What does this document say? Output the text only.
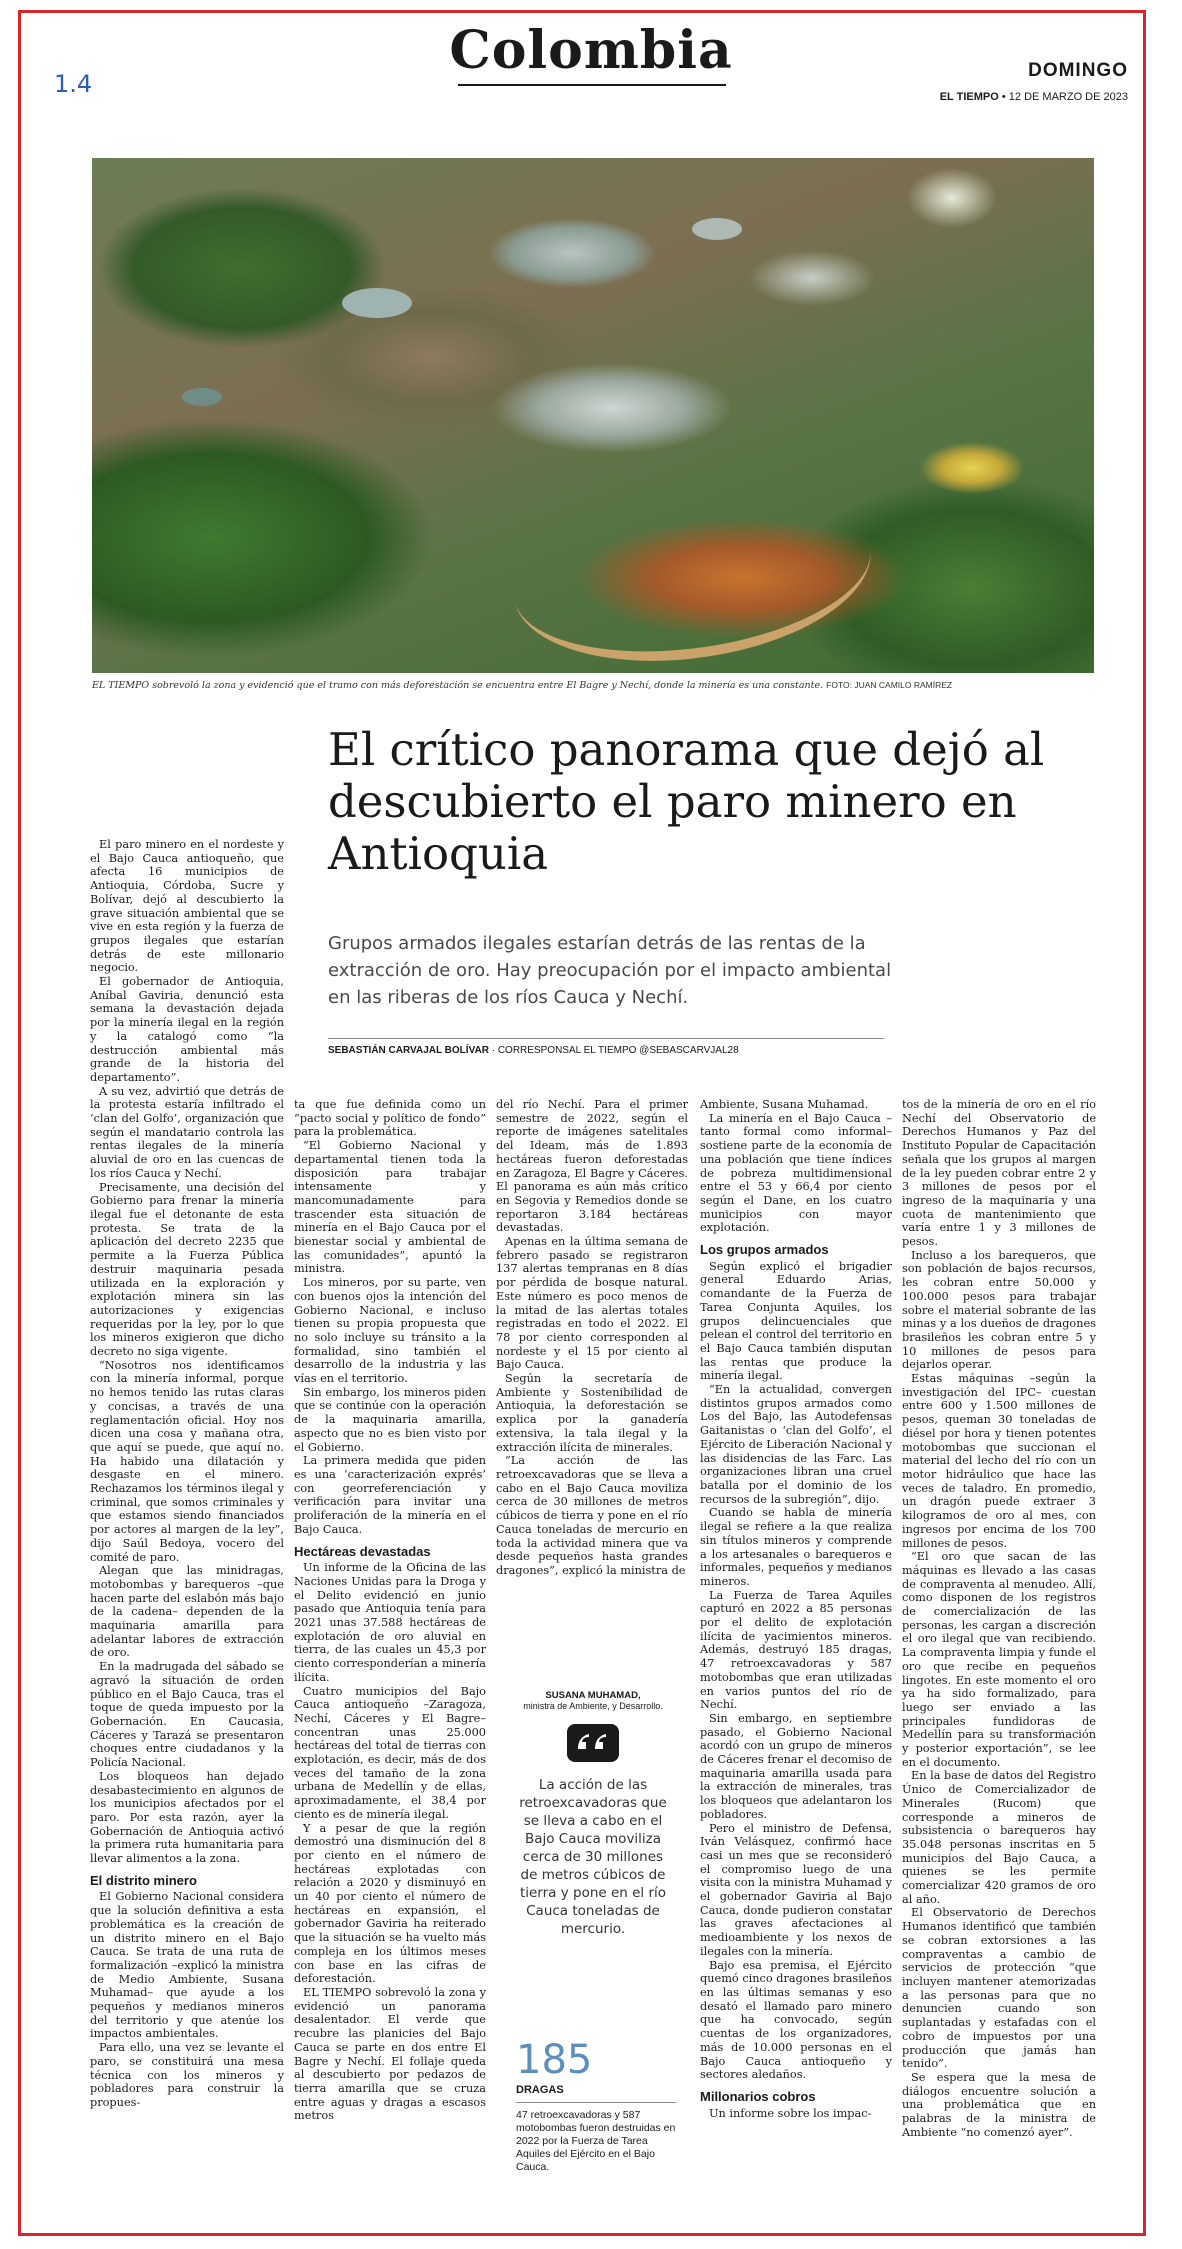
1.4
Colombia	DOMINGO
EL TIEMPO • 12 DE MARZO DE 2023
EL TIEMPO sobrevoló la zona y evidenció que el tramo con más deforestación se encuentra entre El Bagre y Nechí, donde la minería es una constante. FOTO: JUAN CAMILO RAMÍREZ
El crítico panorama que dejó al descubierto el paro minero en Antioquia

Grupos armados ilegales estarían detrás de las rentas de la extracción de oro. Hay preocupación por el impacto ambiental en las riberas de los ríos Cauca y Nechí.

SEBASTIÁN CARVAJAL BOLÍVAR · CORRESPONSAL EL TIEMPO @SEBASCARVJAL28

El paro minero en el nordeste y el Bajo Cauca antioqueño, que afecta 16 municipios de Antioquia, Córdoba, Sucre y Bolívar, dejó al descubierto la grave situación ambiental que se vive en esta región y la fuerza de grupos ilegales que estarían detrás de este millonario negocio.

El gobernador de Antioquia, Aníbal Gaviria, denunció esta semana la devastación dejada por la minería ilegal en la región y la catalogó como “la destrucción ambiental más grande de la historia del departamento”.

A su vez, advirtió que detrás de la protesta estaría infiltrado el ‘clan del Golfo’, organización que según el mandatario controla las rentas ilegales de la minería aluvial de oro en las cuencas de los ríos Cauca y Nechí.

Precisamente, una decisión del Gobierno para frenar la minería ilegal fue el detonante de esta protesta. Se trata de la aplicación del decreto 2235 que permite a la Fuerza Pública destruir maquinaria pesada utilizada en la exploración y explotación minera sin las autorizaciones y exigencias requeridas por la ley, por lo que los mineros exigieron que dicho decreto no siga vigente.

“Nosotros nos identificamos con la minería informal, porque no hemos tenido las rutas claras y concisas, a través de una reglamentación oficial. Hoy nos dicen una cosa y mañana otra, que aquí se puede, que aquí no. Ha habido una dilatación y desgaste en el minero. Rechazamos los términos ilegal y criminal, que somos criminales y que estamos siendo financiados por actores al margen de la ley”, dijo Saúl Bedoya, vocero del comité de paro.

Alegan que las minidragas, motobombas y barequeros –que hacen parte del eslabón más bajo de la cadena– dependen de la maquinaria amarilla para adelantar labores de extracción de oro.

En la madrugada del sábado se agravó la situación de orden público en el Bajo Cauca, tras el toque de queda impuesto por la Gobernación. En Caucasia, Cáceres y Tarazá se presentaron choques entre ciudadanos y la Policía Nacional.

Los bloqueos han dejado desabastecimiento en algunos de los municipios afectados por el paro. Por esta razón, ayer la Gobernación de Antioquia activó la primera ruta humanitaria para llevar alimentos a la zona.

El distrito minero

El Gobierno Nacional considera que la solución definitiva a esta problemática es la creación de un distrito minero en el Bajo Cauca. Se trata de una ruta de formalización –explicó la ministra de Medio Ambiente, Susana Muhamad– que ayude a los pequeños y medianos mineros del territorio y que atenúe los impactos ambientales.

Para ello, una vez se levante el paro, se constituirá una mesa técnica con los mineros y pobladores para construir la propues-

ta que fue definida como un “pacto social y político de fondo” para la problemática.

“El Gobierno Nacional y departamental tienen toda la disposición para trabajar intensamente y mancomunadamente para trascender esta situación de minería en el Bajo Cauca por el bienestar social y ambiental de las comunidades”, apuntó la ministra.

Los mineros, por su parte, ven con buenos ojos la intención del Gobierno Nacional, e incluso tienen su propia propuesta que no solo incluye su tránsito a la formalidad, sino también el desarrollo de la industria y las vías en el territorio.

Sin embargo, los mineros piden que se continúe con la operación de la maquinaria amarilla, aspecto que no es bien visto por el Gobierno.

La primera medida que piden es una ‘caracterización exprés’ con georreferenciación y verificación para invitar una proliferación de la minería en el Bajo Cauca.

Hectáreas devastadas

Un informe de la Oficina de las Naciones Unidas para la Droga y el Delito evidenció en junio pasado que Antioquia tenía para 2021 unas 37.588 hectáreas de explotación de oro aluvial en tierra, de las cuales un 45,3 por ciento corresponderían a minería ilícita.

Cuatro municipios del Bajo Cauca antioqueño –Zaragoza, Nechí, Cáceres y El Bagre– concentran unas 25.000 hectáreas del total de tierras con explotación, es decir, más de dos veces del tamaño de la zona urbana de Medellín y de ellas, aproximadamente, el 38,4 por ciento es de minería ilegal.

Y a pesar de que la región demostró una disminución del 8 por ciento en el número de hectáreas explotadas con relación a 2020 y disminuyó en un 40 por ciento el número de hectáreas en expansión, el gobernador Gaviria ha reiterado que la situación se ha vuelto más compleja en los últimos meses con base en las cifras de deforestación.

EL TIEMPO sobrevoló la zona y evidenció un panorama desalentador. El verde que recubre las planicies del Bajo Cauca se parte en dos entre El Bagre y Nechí. El follaje queda al descubierto por pedazos de tierra amarilla que se cruza entre aguas y dragas a escasos metros

del río Nechí. Para el primer semestre de 2022, según el reporte de imágenes satelitales del Ideam, más de 1.893 hectáreas fueron deforestadas en Zaragoza, El Bagre y Cáceres. El panorama es aún más crítico en Segovia y Remedios donde se reportaron 3.184 hectáreas devastadas.

Apenas en la última semana de febrero pasado se registraron 137 alertas tempranas en 8 días por pérdida de bosque natural. Este número es poco menos de la mitad de las alertas totales registradas en todo el 2022. El 78 por ciento corresponden al nordeste y el 15 por ciento al Bajo Cauca.

Según la secretaría de Ambiente y Sostenibilidad de Antioquia, la deforestación se explica por la ganadería extensiva, la tala ilegal y la extracción ilícita de minerales.

“La acción de las retroexcavadoras que se lleva a cabo en el Bajo Cauca moviliza cerca de 30 millones de metros cúbicos de tierra y pone en el río Cauca toneladas de mercurio en toda la actividad minera que va desde pequeños hasta grandes dragones”, explicó la ministra de

Ambiente, Susana Muhamad.

La minería en el Bajo Cauca –tanto formal como informal– sostiene parte de la economía de una población que tiene índices de pobreza multidimensional entre el 53 y 66,4 por ciento según el Dane, en los cuatro municipios con mayor explotación.

Los grupos armados

Según explicó el brigadier general Eduardo Arias, comandante de la Fuerza de Tarea Conjunta Aquiles, los grupos delincuenciales que pelean el control del territorio en el Bajo Cauca también disputan las rentas que produce la minería ilegal.

“En la actualidad, convergen distintos grupos armados como Los del Bajo, las Autodefensas Gaitanistas o ‘clan del Golfo’, el Ejército de Liberación Nacional y las disidencias de las Farc. Las organizaciones libran una cruel batalla por el dominio de los recursos de la subregión”, dijo.

Cuando se habla de minería ilegal se refiere a la que realiza sin títulos mineros y comprende a los artesanales o barequeros e informales, pequeños y medianos mineros.

La Fuerza de Tarea Aquiles capturó en 2022 a 85 personas por el delito de explotación ilícita de yacimientos mineros. Además, destruyó 185 dragas, 47 retroexcavadoras y 587 motobombas que eran utilizadas en varios puntos del río de Nechí.

Sin embargo, en septiembre pasado, el Gobierno Nacional acordó con un grupo de mineros de Cáceres frenar el decomiso de maquinaria amarilla usada para la extracción de minerales, tras los bloqueos que adelantaron los pobladores.

Pero el ministro de Defensa, Iván Velásquez, confirmó hace casi un mes que se reconsideró el compromiso luego de una visita con la ministra Muhamad y el gobernador Gaviria al Bajo Cauca, donde pudieron constatar las graves afectaciones al medioambiente y los nexos de ilegales con la minería.

Bajo esa premisa, el Ejército quemó cinco dragones brasileños en las últimas semanas y eso desató el llamado paro minero que ha convocado, según cuentas de los organizadores, más de 10.000 personas en el Bajo Cauca antioqueño y sectores aledaños.

Millonarios cobros

Un informe sobre los impac-

tos de la minería de oro en el río Nechí del Observatorio de Derechos Humanos y Paz del Instituto Popular de Capacitación señala que los grupos al margen de la ley pueden cobrar entre 2 y 3 millones de pesos por el ingreso de la maquinaria y una cuota de mantenimiento que varía entre 1 y 3 millones de pesos.

Incluso a los barequeros, que son población de bajos recursos, les cobran entre 50.000 y 100.000 pesos para trabajar sobre el material sobrante de las minas y a los dueños de dragones brasileños les cobran entre 5 y 10 millones de pesos para dejarlos operar.

Estas máquinas –según la investigación del IPC– cuestan entre 600 y 1.500 millones de pesos, queman 30 toneladas de diésel por hora y tienen potentes motobombas que succionan el material del lecho del río con un motor hidráulico que hace las veces de taladro. En promedio, un dragón puede extraer 3 kilogramos de oro al mes, con ingresos por encima de los 700 millones de pesos.

“El oro que sacan de las máquinas es llevado a las casas de compraventa al menudeo. Allí, como disponen de los registros de comercialización de las personas, les cargan a discreción el oro ilegal que van recibiendo. La compraventa limpia y funde el oro que recibe en pequeños lingotes. En este momento el oro ya ha sido formalizado, para luego ser enviado a las principales fundidoras de Medellín para su transformación y posterior exportación”, se lee en el documento.

En la base de datos del Registro Único de Comercializador de Minerales (Rucom) que corresponde a mineros de subsistencia o barequeros hay 35.048 personas inscritas en 5 municipios del Bajo Cauca, a quienes se les permite comercializar 420 gramos de oro al año.

El Observatorio de Derechos Humanos identificó que también se cobran extorsiones a las compraventas a cambio de servicios de protección “que incluyen mantener atemorizadas a las personas para que no denuncien cuando son suplantadas y estafadas con el cobro de impuestos por una producción que jamás han tenido”.

Se espera que la mesa de diálogos encuentre solución a una problemática que en palabras de la ministra de Ambiente “no comenzó ayer”.

SUSANA MUHAMAD,
ministra de Ambiente, y Desarrollo.
La acción de las retroexcavadoras que se lleva a cabo en el Bajo Cauca moviliza cerca de 30 millones de metros cúbicos de tierra y pone en el río Cauca toneladas de mercurio.
185
DRAGAS
47 retroexcavadoras y 587 motobombas fueron destruidas en 2022 por la Fuerza de Tarea Aquiles del Ejército en el Bajo Cauca.
